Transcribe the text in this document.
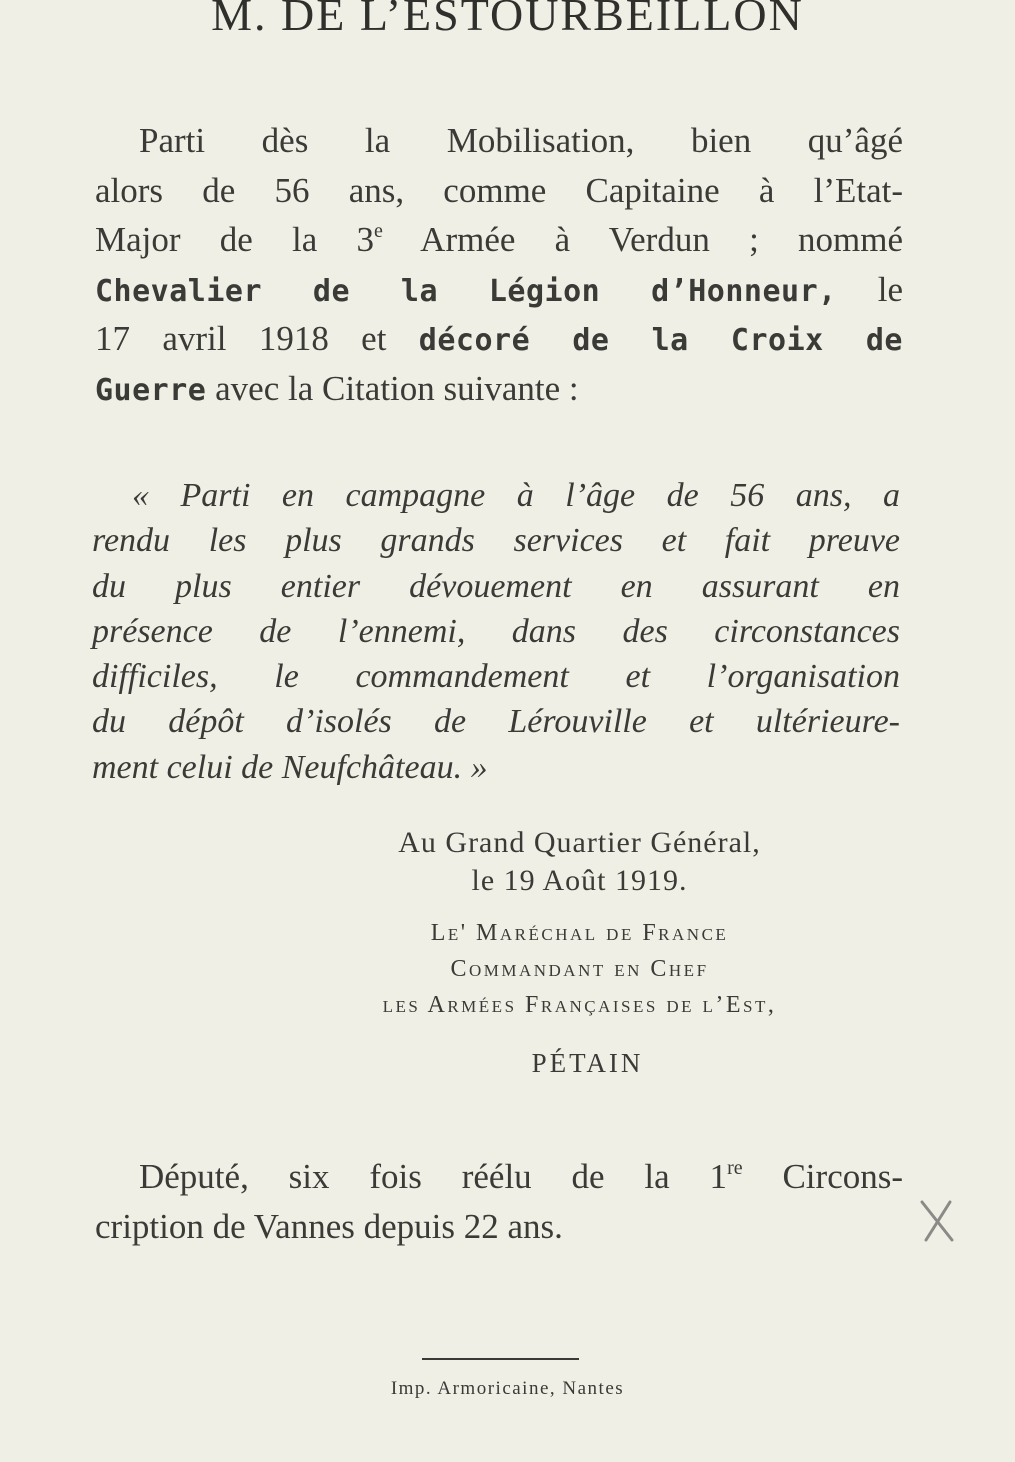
M. DE L’ESTOURBEILLON
Parti dès la Mobilisation, bien qu’âgé
alors de 56 ans, comme Capitaine à l’Etat-
Major de la 3e Armée à Verdun ; nommé
Chevalier de la Légion d’Honneur, le
17 avril 1918 et décoré de la Croix de
Guerre avec la Citation suivante :
« Parti en campagne à l’âge de 56 ans, a
rendu les plus grands services et fait preuve
du plus entier dévouement en assurant en
présence de l’ennemi, dans des circonstances
difficiles, le commandement et l’organisation
du dépôt d’isolés de Lérouville et ultérieure-
ment celui de Neufchâteau. »
Au Grand Quartier Général,
le 19 Août 1919.
Le' Maréchal de France
Commandant en Chef
les Armées Françaises de l’Est,
PÉTAIN
Député, six fois réélu de la 1re Circons-
cription de Vannes depuis 22 ans.
Imp. Armoricaine, Nantes
